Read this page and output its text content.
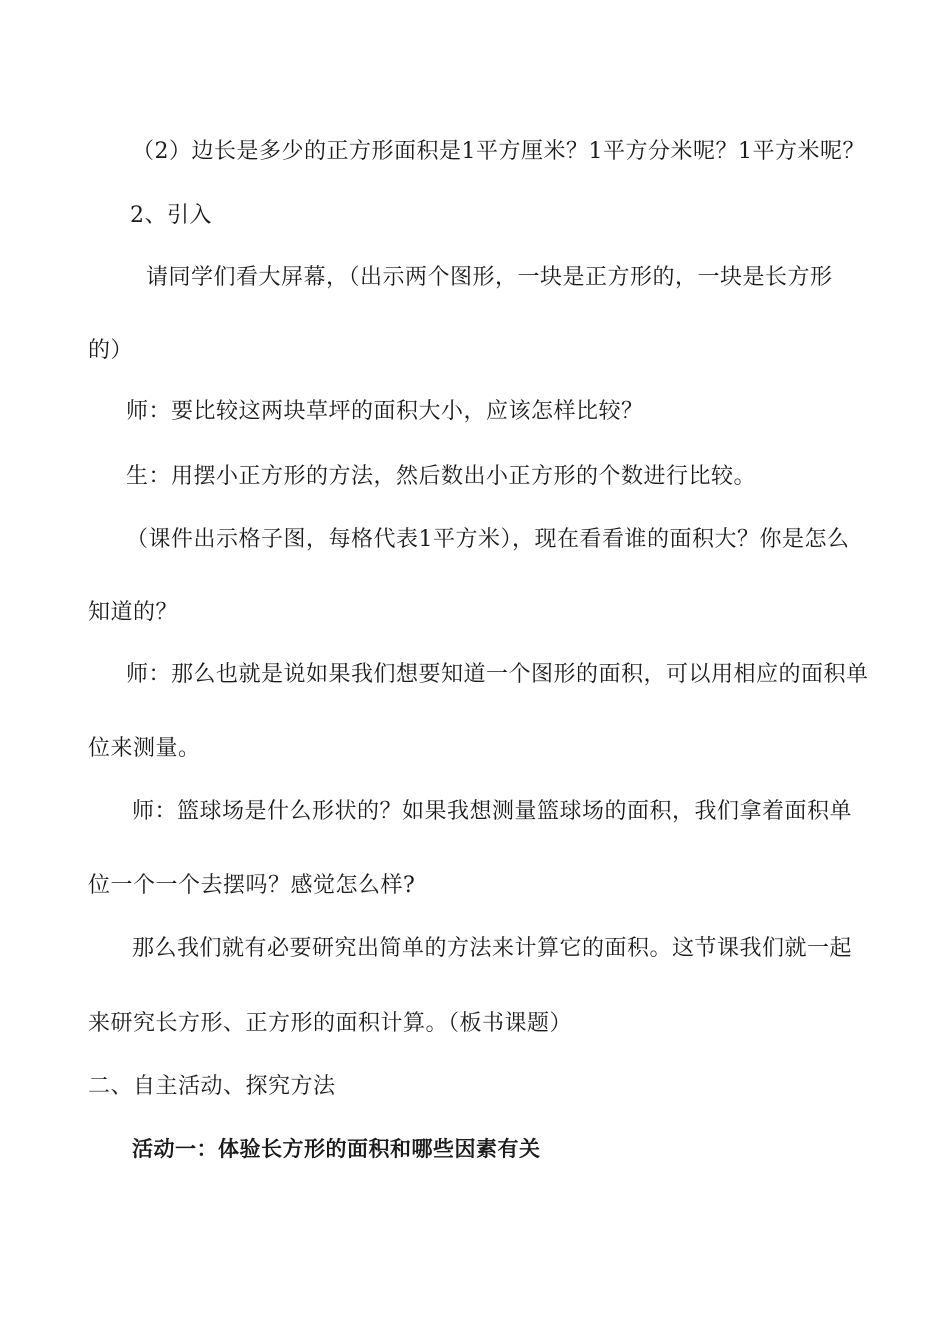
（2）边长是多少的正方形面积是1平方厘米？1平方分米呢？1平方米呢？
2、引入
请同学们看大屏幕，（出示两个图形，一块是正方形的，一块是长方形
的）
师：要比较这两块草坪的面积大小，应该怎样比较？
生：用摆小正方形的方法，然后数出小正方形的个数进行比较。
（课件出示格子图，每格代表1平方米），现在看看谁的面积大？你是怎么
知道的？
师：那么也就是说如果我们想要知道一个图形的面积，可以用相应的面积单
位来测量。
师：篮球场是什么形状的？如果我想测量篮球场的面积，我们拿着面积单
位一个一个去摆吗？感觉怎么样?
那么我们就有必要研究出简单的方法来计算它的面积。这节课我们就一起
来研究长方形、正方形的面积计算。（板书课题）
二、自主活动、探究方法
活动一：体验长方形的面积和哪些因素有关
